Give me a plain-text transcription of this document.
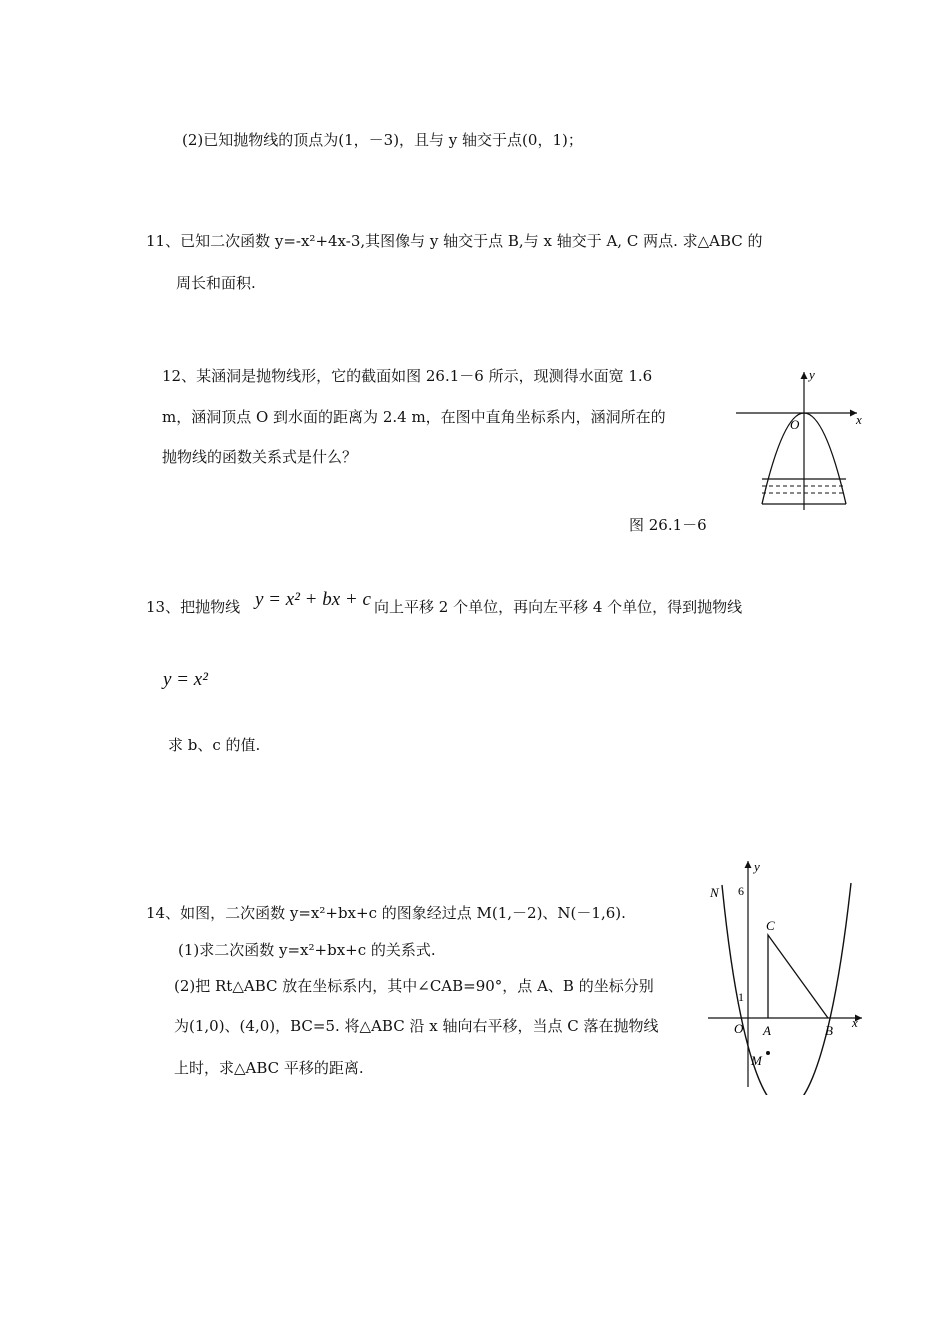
(2)已知抛物线的顶点为(1，－3)，且与 y 轴交于点(0，1)；
11、已知二次函数 y=-x²+4x-3,其图像与 y 轴交于点 B,与 x 轴交于 A, C 两点. 求△ABC 的
周长和面积.
12、某涵洞是抛物线形，它的截面如图 26.1－6 所示，现测得水面宽 1.6
m，涵洞顶点 O 到水面的距离为 2.4 m，在图中直角坐标系内，涵洞所在的
抛物线的函数关系式是什么？
y
x
O
图 26.1－6
13、把抛物线 y = x² + bx + c 向上平移 2 个单位，再向左平移 4 个单位，得到抛物线
y = x²
求 b、c 的值.
14、如图，二次函数 y=x²+bx+c 的图象经过点 M(1,－2)、N(－1,6).
(1)求二次函数 y=x²+bx+c 的关系式.
(2)把 Rt△ABC 放在坐标系内，其中∠CAB=90°，点 A、B 的坐标分别
为(1,0)、(4,0)，BC=5. 将△ABC 沿 x 轴向右平移，当点 C 落在抛物线
上时，求△ABC 平移的距离.
y
x
O
6
1
N
C
A	B
M
